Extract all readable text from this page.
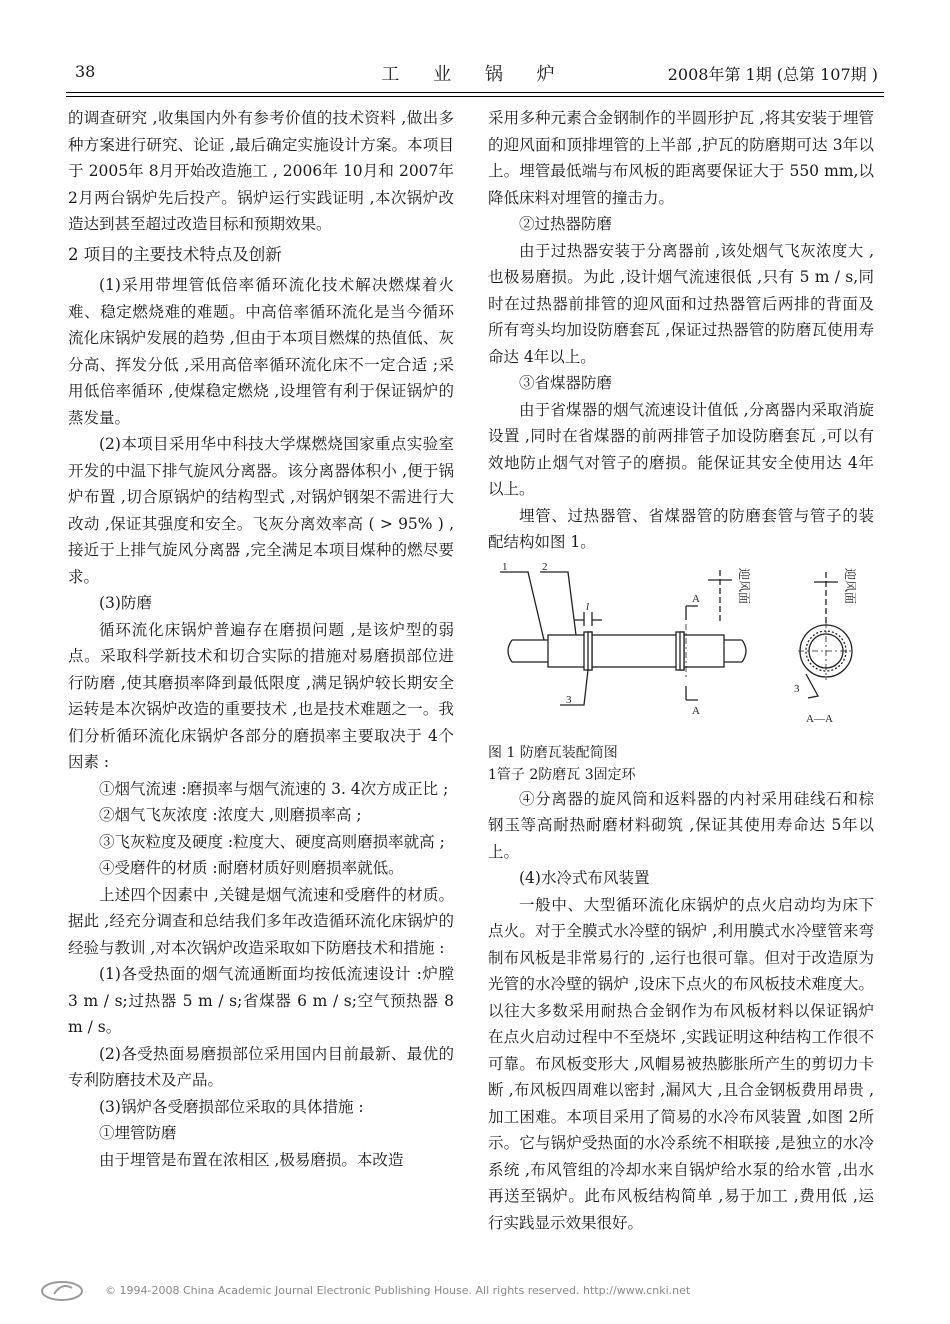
38	工 业 锅 炉	2008年第 1期 (总第 107期 )

的调查研究 ,收集国内外有参考价值的技术资料 ,做出多种方案进行研究、论证 ,最后确定实施设计方案。本项目于 2005年 8月开始改造施工 , 2006年 10月和 2007年 2月两台锅炉先后投产。锅炉运行实践证明 ,本次锅炉改造达到甚至超过改造目标和预期效果。

2 项目的主要技术特点及创新

(1)采用带埋管低倍率循环流化技术解决燃煤着火难、稳定燃烧难的难题。中高倍率循环流化是当今循环流化床锅炉发展的趋势 ,但由于本项目燃煤的热值低、灰分高、挥发分低 ,采用高倍率循环流化床不一定合适 ;采用低倍率循环 ,使煤稳定燃烧 ,设埋管有利于保证锅炉的蒸发量。

(2)本项目采用华中科技大学煤燃烧国家重点实验室开发的中温下排气旋风分离器。该分离器体积小 ,便于锅炉布置 ,切合原锅炉的结构型式 ,对锅炉钢架不需进行大改动 ,保证其强度和安全。飞灰分离效率高 ( > 95% ) ,接近于上排气旋风分离器 ,完全满足本项目煤种的燃尽要求。

(3)防磨

循环流化床锅炉普遍存在磨损问题 ,是该炉型的弱点。采取科学新技术和切合实际的措施对易磨损部位进行防磨 ,使其磨损率降到最低限度 ,满足锅炉较长期安全运转是本次锅炉改造的重要技术 ,也是技术难题之一。我们分析循环流化床锅炉各部分的磨损率主要取决于 4个因素 :

①烟气流速 :磨损率与烟气流速的 3. 4次方成正比 ;

②烟气飞灰浓度 :浓度大 ,则磨损率高 ;

③飞灰粒度及硬度 :粒度大、硬度高则磨损率就高 ;

④受磨件的材质 :耐磨材质好则磨损率就低。

上述四个因素中 ,关键是烟气流速和受磨件的材质。据此 ,经充分调查和总结我们多年改造循环流化床锅炉的经验与教训 ,对本次锅炉改造采取如下防磨技术和措施 :

(1)各受热面的烟气流通断面均按低流速设计 :炉膛 3 m / s;过热器 5 m / s;省煤器 6 m / s;空气预热器 8 m / s。

(2)各受热面易磨损部位采用国内目前最新、最优的专利防磨技术及产品。

(3)锅炉各受磨损部位采取的具体措施 :

①埋管防磨

由于埋管是布置在浓相区 ,极易磨损。本改造

采用多种元素合金钢制作的半圆形护瓦 ,将其安装于埋管的迎风面和顶排埋管的上半部 ,护瓦的防磨期可达 3年以上。埋管最低端与布风板的距离要保证大于 550 mm,以降低床料对埋管的撞击力。

②过热器防磨

由于过热器安装于分离器前 ,该处烟气飞灰浓度大 ,也极易磨损。为此 ,设计烟气流速很低 ,只有 5 m / s,同时在过热器前排管的迎风面和过热器管后两排的背面及所有弯头均加设防磨套瓦 ,保证过热器管的防磨瓦使用寿命达 4年以上。

③省煤器防磨

由于省煤器的烟气流速设计值低 ,分离器内采取消旋设置 ,同时在省煤器的前两排管子加设防磨套瓦 ,可以有效地防止烟气对管子的磨损。能保证其安全使用达 4年以上。

埋管、过热器管、省煤器管的防磨套管与管子的装配结构如图 1。

1	2
3
l
A
A
3
A—A
迎风面	迎风面

图 1 防磨瓦装配简图

1管子 2防磨瓦 3固定环

④分离器的旋风筒和返料器的内衬采用硅线石和棕钢玉等高耐热耐磨材料砌筑 ,保证其使用寿命达 5年以上。

(4)水冷式布风装置

一般中、大型循环流化床锅炉的点火启动均为床下点火。对于全膜式水冷壁的锅炉 ,利用膜式水冷壁管来弯制布风板是非常易行的 ,运行也很可靠。但对于改造原为光管的水冷壁的锅炉 ,设床下点火的布风板技术难度大。以往大多数采用耐热合金钢作为布风板材料以保证锅炉在点火启动过程中不至烧坏 ,实践证明这种结构工作很不可靠。布风板变形大 ,风帽易被热膨胀所产生的剪切力卡断 ,布风板四周难以密封 ,漏风大 ,且合金钢板费用昂贵 ,加工困难。本项目采用了简易的水冷布风装置 ,如图 2所示。它与锅炉受热面的水冷系统不相联接 ,是独立的水冷系统 ,布风管组的冷却水来自锅炉给水泵的给水管 ,出水再送至锅炉。此布风板结构简单 ,易于加工 ,费用低 ,运行实践显示效果很好。

© 1994-2008 China Academic Journal Electronic Publishing House. All rights reserved. http://www.cnki.net
